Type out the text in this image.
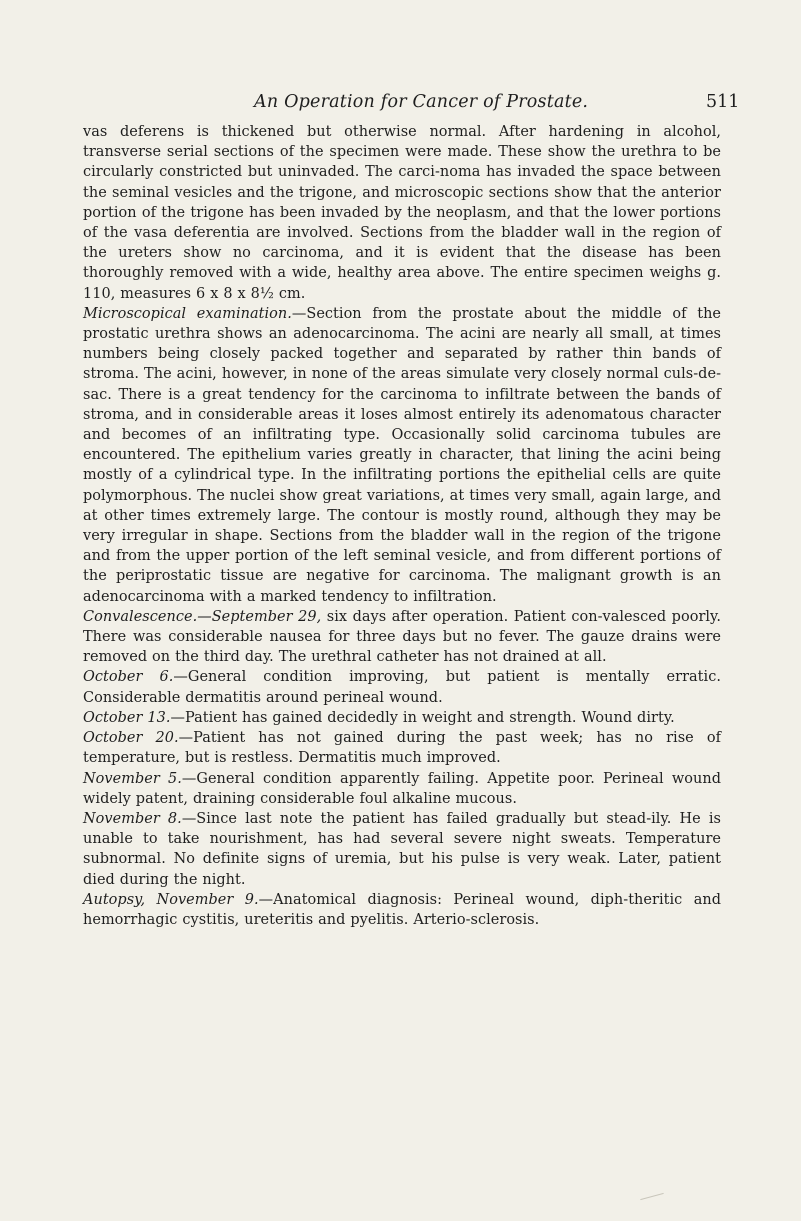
An Operation for Cancer of Prostate.	511

vas deferens is thickened but otherwise normal. After hardening in alcohol, transverse serial sections of the specimen were made. These show the urethra to be circularly constricted but uninvaded. The carci-noma has invaded the space between the seminal vesicles and the trigone, and microscopic sections show that the anterior portion of the trigone has been invaded by the neoplasm, and that the lower portions of the vasa deferentia are involved. Sections from the bladder wall in the region of the ureters show no carcinoma, and it is evident that the disease has been thoroughly removed with a wide, healthy area above. The entire specimen weighs g. 110, measures 6 x 8 x 8½ cm.

Microscopical examination.—Section from the prostate about the middle of the prostatic urethra shows an adenocarcinoma. The acini are nearly all small, at times numbers being closely packed together and separated by rather thin bands of stroma. The acini, however, in none of the areas simulate very closely normal culs-de-sac. There is a great tendency for the carcinoma to infiltrate between the bands of stroma, and in considerable areas it loses almost entirely its adenomatous character and becomes of an infiltrating type. Occasionally solid carcinoma tubules are encountered. The epithelium varies greatly in character, that lining the acini being mostly of a cylindrical type. In the infiltrating portions the epithelial cells are quite polymorphous. The nuclei show great variations, at times very small, again large, and at other times extremely large. The contour is mostly round, although they may be very irregular in shape. Sections from the bladder wall in the region of the trigone and from the upper portion of the left seminal vesicle, and from different portions of the periprostatic tissue are negative for carcinoma. The malignant growth is an adenocarcinoma with a marked tendency to infiltration.

Convalescence.—September 29, six days after operation. Patient con-valesced poorly. There was considerable nausea for three days but no fever. The gauze drains were removed on the third day. The urethral catheter has not drained at all.

October 6.—General condition improving, but patient is mentally erratic. Considerable dermatitis around perineal wound.

October 13.—Patient has gained decidedly in weight and strength. Wound dirty.

October 20.—Patient has not gained during the past week; has no rise of temperature, but is restless. Dermatitis much improved.

November 5.—General condition apparently failing. Appetite poor. Perineal wound widely patent, draining considerable foul alkaline mucous.

November 8.—Since last note the patient has failed gradually but stead-ily. He is unable to take nourishment, has had several severe night sweats. Temperature subnormal. No definite signs of uremia, but his pulse is very weak. Later, patient died during the night.

Autopsy, November 9.—Anatomical diagnosis: Perineal wound, diph-theritic and hemorrhagic cystitis, ureteritis and pyelitis. Arterio-sclerosis.
